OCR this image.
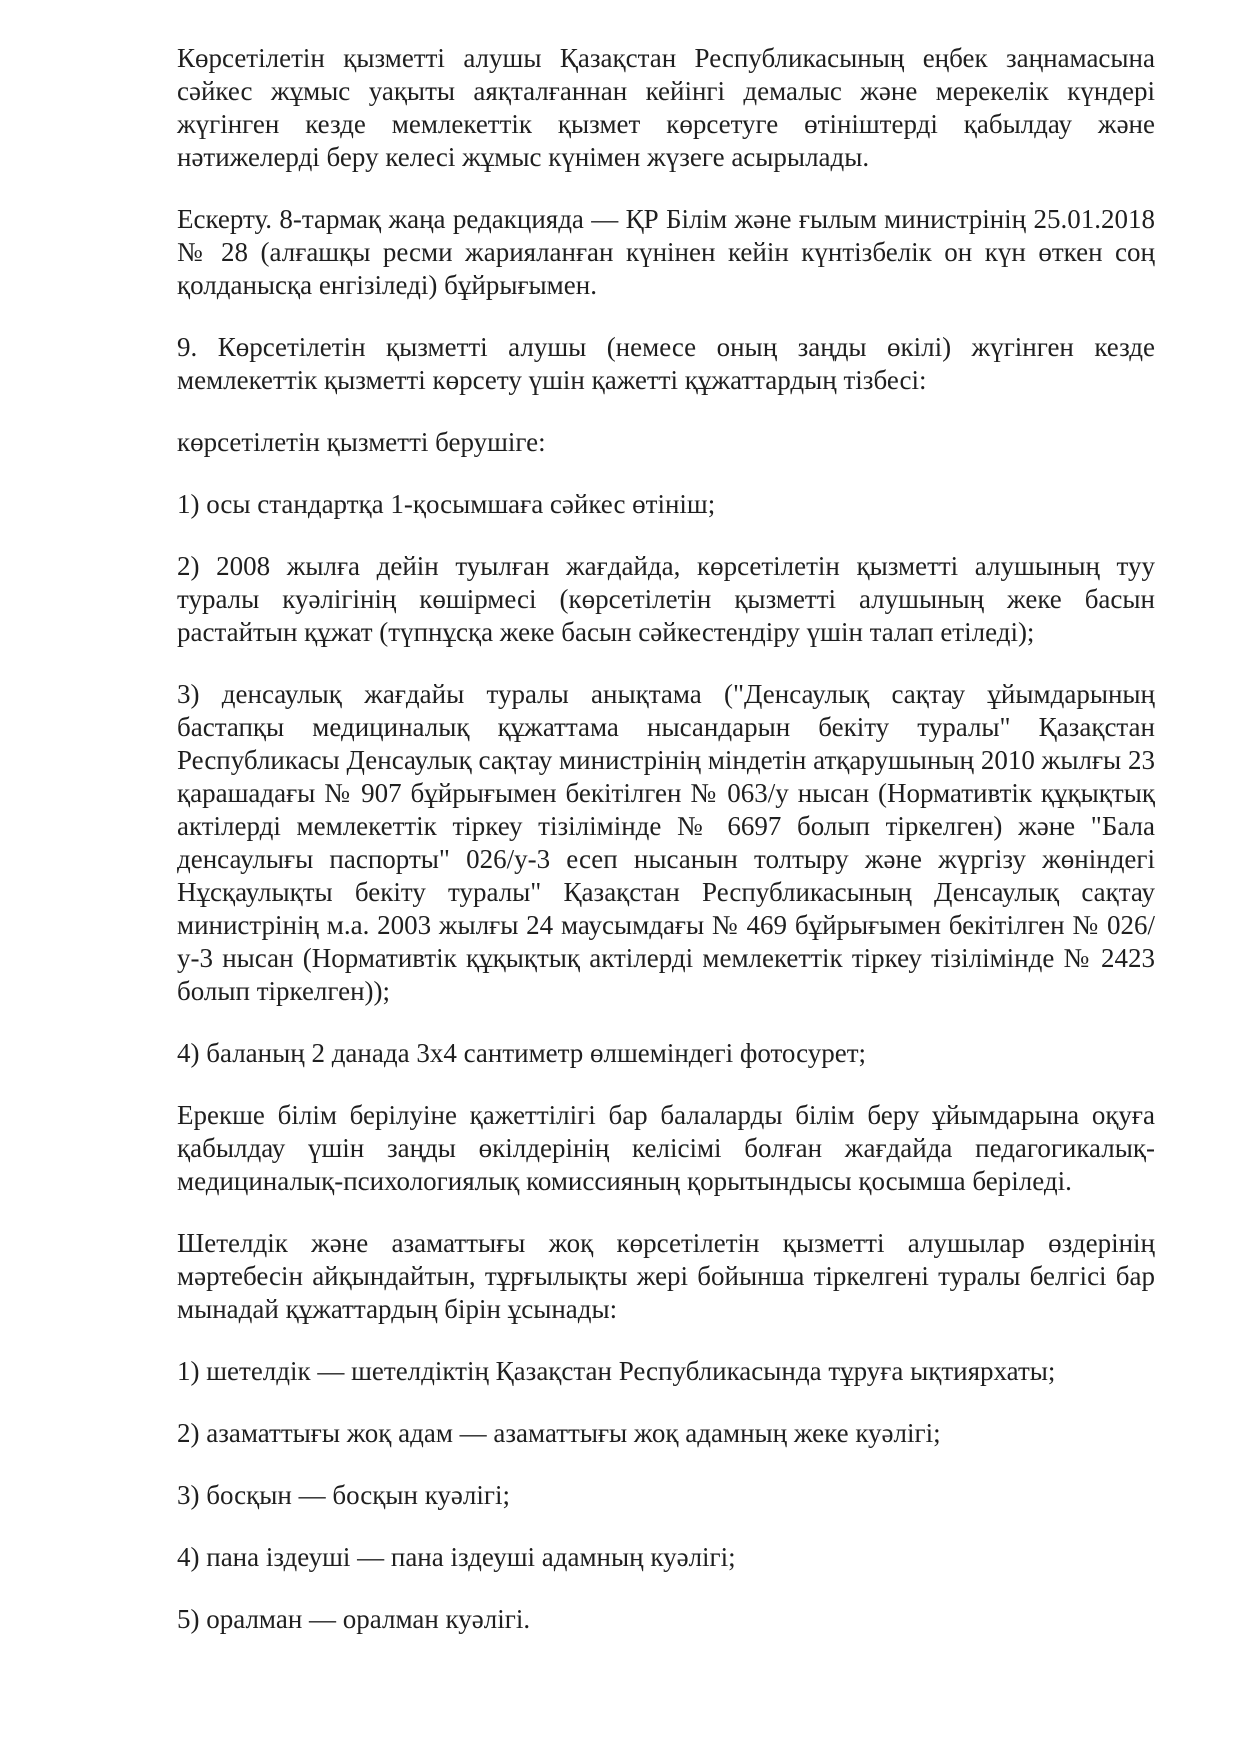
Көрсетілетін қызметті алушы Қазақстан Республикасының еңбек заңнамасына сәйкес жұмыс уақыты аяқталғаннан кейінгі демалыс және мерекелік күндері жүгінген кезде мемлекеттік қызмет көрсетуге өтініштерді қабылдау және нәтижелерді беру келесі жұмыс күнімен жүзеге асырылады.

Ескерту. 8-тармақ жаңа редакцияда — ҚР Білім және ғылым министрінің 25.01.2018 № 28 (алғашқы ресми жарияланған күнінен кейін күнтізбелік он күн өткен соң қолданысқа енгізіледі) бұйрығымен.

9. Көрсетілетін қызметті алушы (немесе оның заңды өкілі) жүгінген кезде мемлекеттік қызметті көрсету үшін қажетті құжаттардың тізбесі:

көрсетілетін қызметті берушіге:

1) осы стандартқа 1-қосымшаға сәйкес өтініш;

2) 2008 жылға дейін туылған жағдайда, көрсетілетін қызметті алушының туу туралы куәлігінің көшірмесі (көрсетілетін қызметті алушының жеке басын растайтын құжат (түпнұсқа жеке басын сәйкестендіру үшін талап етіледі);

3) денсаулық жағдайы туралы анықтама ("Денсаулық сақтау ұйымдарының бастапқы медициналық құжаттама нысандарын бекіту туралы" Қазақстан Республикасы Денсаулық сақтау министрінің міндетін атқарушының 2010 жылғы 23 қарашадағы № 907 бұйрығымен бекітілген № 063/у нысан (Нормативтік құқықтық актілерді мемлекеттік тіркеу тізілімінде № 6697 болып тіркелген) және "Бала денсаулығы паспорты" 026/у-3 есеп нысанын толтыру және жүргізу жөніндегі Нұсқаулықты бекіту туралы" Қазақстан Республикасының Денсаулық сақтау министрінің м.а. 2003 жылғы 24 маусымдағы № 469 бұйрығымен бекітілген № 026/у-3 нысан (Нормативтік құқықтық актілерді мемлекеттік тіркеу тізілімінде № 2423 болып тіркелген));

4) баланың 2 данада 3х4 сантиметр өлшеміндегі фотосурет;

Ерекше білім берілуіне қажеттілігі бар балаларды білім беру ұйымдарына оқуға қабылдау үшін заңды өкілдерінің келісімі болған жағдайда педагогикалық-медициналық-психологиялық комиссияның қорытындысы қосымша беріледі.

Шетелдік және азаматтығы жоқ көрсетілетін қызметті алушылар өздерінің мәртебесін айқындайтын, тұрғылықты жері бойынша тіркелгені туралы белгісі бар мынадай құжаттардың бірін ұсынады:

1) шетелдік — шетелдіктің Қазақстан Республикасында тұруға ықтиярхаты;

2) азаматтығы жоқ адам — азаматтығы жоқ адамның жеке куәлігі;

3) босқын — босқын куәлігі;

4) пана іздеуші — пана іздеуші адамның куәлігі;

5) оралман — оралман куәлігі.
